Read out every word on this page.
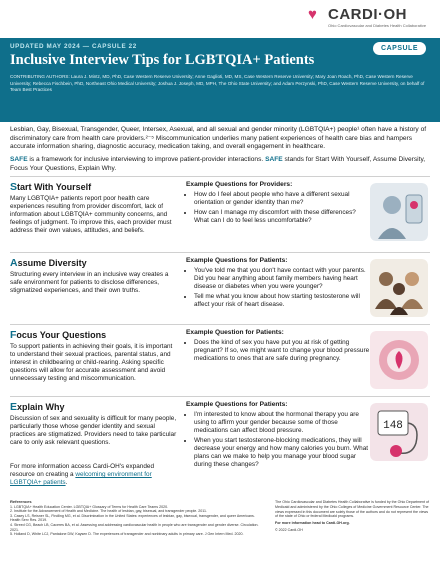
♥ CARDI·OH
Ohio Cardiovascular and Diabetes Health Collaborative
CAPSULE
UPDATED MAY 2024 — CAPSULE 22
Inclusive Interview Tips for LGBTQIA+ Patients
CONTRIBUTING AUTHORS: Laura J. Mintz, MD, PhD, Case Western Reserve University; Anne Gaglioti, MD, MS, Case Western Reserve University; Mary Joan Roach, PhD, Case Western Reserve University; Rebecca Fischbein, PhD, Northeast Ohio Medical University; Joshua J. Joseph, MD, MPH, The Ohio State University; and Adam Perzynski, PhD, Case Western Reserve University, on behalf of Team Best Practices
Lesbian, Gay, Bisexual, Transgender, Queer, Intersex, Asexual, and all sexual and gender minority (LGBTQIA+) people¹ often have a history of discriminatory care from health care providers.²⁻⁵ Miscommunication underlies many patient experiences of health care bias and hampers accurate information sharing, diagnostic accuracy, medication taking, and overall engagement in healthcare.
SAFE is a framework for inclusive interviewing to improve patient-provider interactions. SAFE stands for Start With Yourself, Assume Diversity, Focus Your Questions, Explain Why.
Start With Yourself
Many LGBTQIA+ patients report poor health care experiences resulting from provider discomfort, lack of information about LGBTQIA+ community concerns, and feelings of judgment. To improve this, each provider must address their own values, attitudes, and beliefs.
Example Questions for Providers:
• How do I feel about people who have a different sexual orientation or gender identity than me?
• How can I manage my discomfort with these differences? What can I do to feel less uncomfortable?
Assume Diversity
Structuring every interview in an inclusive way creates a safe environment for patients to disclose differences, stigmatized experiences, and their own truths.
Example Questions for Patients:
• You've told me that you don't have contact with your parents. Did you hear anything about family members having heart disease or diabetes when you were younger?
• Tell me what you know about how starting testosterone will affect your risk of heart disease.
Focus Your Questions
To support patients in achieving their goals, it is important to understand their sexual practices, parental status, and interest in childbearing or child-rearing. Asking specific questions will allow for accurate assessment and avoid unnecessary testing and miscommunication.
Example Question for Patients:
• Does the kind of sex you have put you at risk of getting pregnant? If so, we might want to change your blood pressure medications to ones that are safe during pregnancy.
Explain Why
Discussion of sex and sexuality is difficult for many people, particularly those whose gender identity and sexual practices are stigmatized. Providers need to take particular care to only ask relevant questions.
For more information access Cardi-OH's expanded resource on creating a welcoming environment for LGBTQIA+ patients.
Example Questions for Patients:
• I'm interested to know about the hormonal therapy you are using to affirm your gender because some of those medications can affect blood pressure.
• When you start testosterone-blocking medications, they will decrease your energy and how many calories you burn. What plans can we make to help you manage your blood sugar during these changes?
148
References
1. LGBTQIA+ Health Education Center. LGBTQIA+ Glossary of Terms for Health Care Teams 2020.
2. Institute for the Advancement of Health and Medicine. The health of lesbian, gay, bisexual, and transgender people. 2011.
3. Casey LS, Reisner SL, Findling MG, et al. Discrimination in the United States: experiences of lesbian, gay, bisexual, transgender, and queer Americans. Health Serv Res. 2019.
4. Streed CG, Beach LB, Caceres BA, et al. Assessing and addressing cardiovascular health in people who are transgender and gender diverse. Circulation. 2021.
5. Holland D, White LCJ, Pantalone DW, Kaysen D. The experiences of transgender and nonbinary adults in primary care. J Gen Intern Med. 2020.
The Ohio Cardiovascular and Diabetes Health Collaborative is funded by the Ohio Department of Medicaid and administered by the Ohio Colleges of Medicine Government Resource Center. The views expressed in this document are solely those of the authors and do not represent the views of the state of Ohio or federal Medicaid programs.
For more information head to Cardi-OH.org.
© 2022 Cardi-OH
